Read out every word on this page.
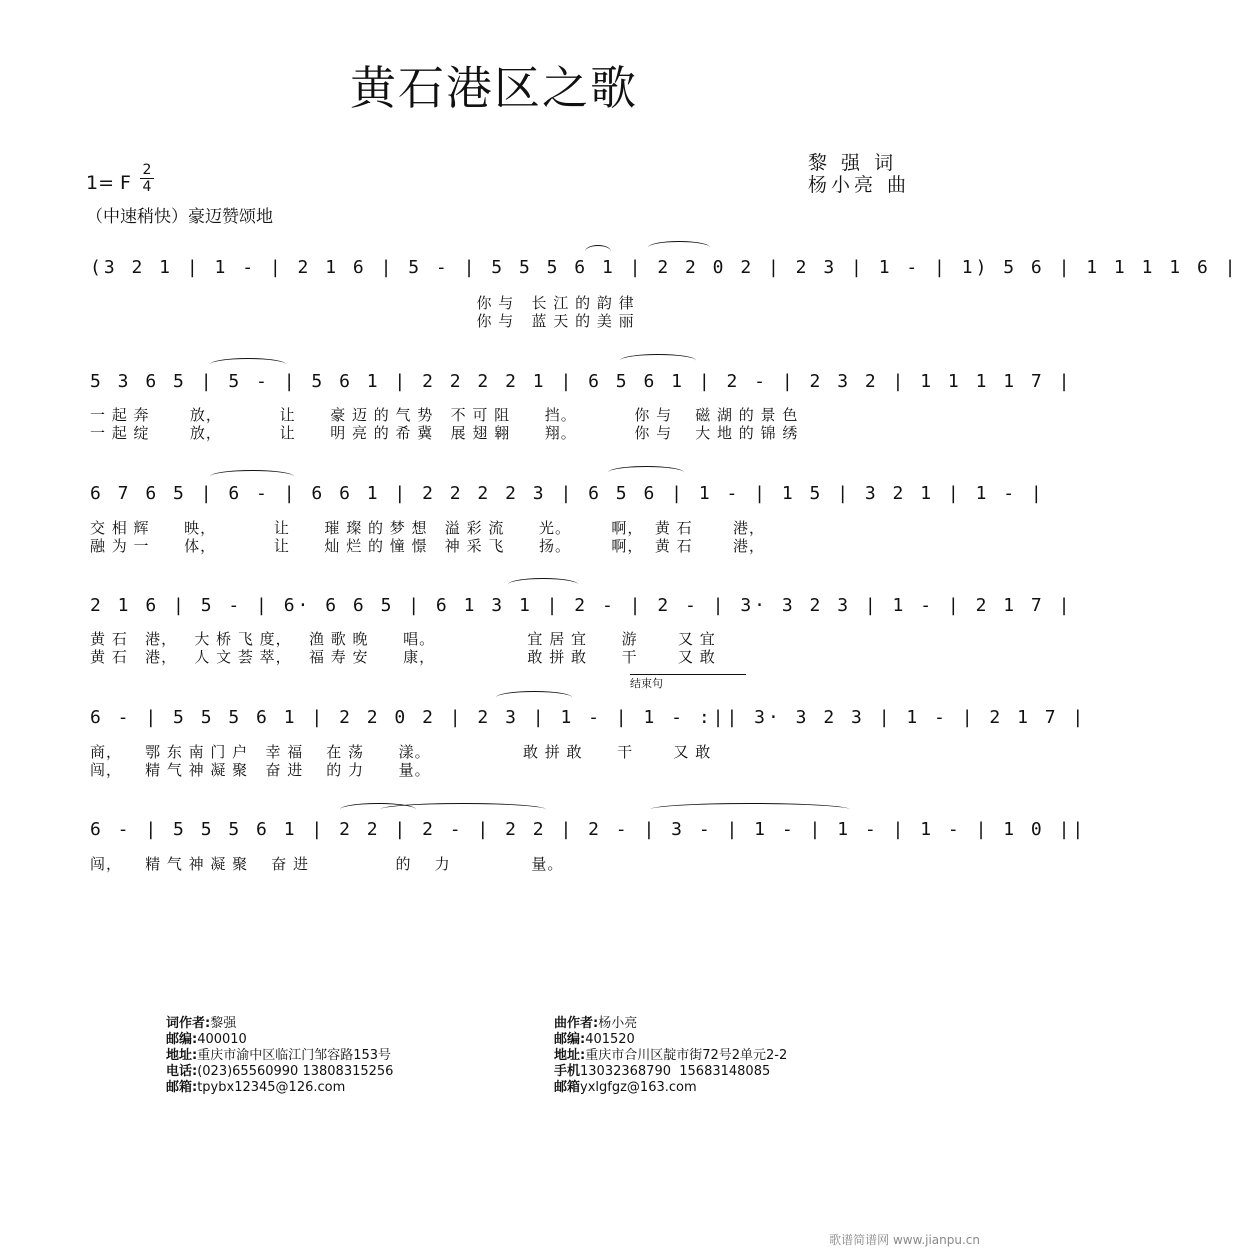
黄石港区之歌
黎 强 词
杨小亮 曲
1= F
2
4
（中速稍快）豪迈赞颂地
(3 2 1 | 1 - | 2 1 6 | 5 - | 5 5 5 6 1 | 2 2 0 2 | 2 3 | 1 - | 1) 5 6 | 1 1 1 1 6 |
你 与   长 江 的 韵 律
你 与   蓝 天 的 美 丽
5 3 6 5 | 5 - | 5 6 1 | 2 2 2 2 1 | 6 5 6 1 | 2 - | 2 3 2 | 1 1 1 1 7 |
一 起 奔       放，          让      豪 迈 的 气 势   不 可 阻      挡。          你 与    磁 湖 的 景 色
一 起 绽       放，          让      明 亮 的 希 冀   展 翅 翱      翔。          你 与    大 地 的 锦 绣
6 7 6 5 | 6 - | 6 6 1 | 2 2 2 2 3 | 6 5 6 | 1 - | 1 5 | 3 2 1 | 1 - |
交 相 辉      映，          让      璀 璨 的 梦 想   溢 彩 流      光。       啊，  黄 石       港，
融 为 一      体，          让      灿 烂 的 憧 憬   神 采 飞      扬。       啊，  黄 石       港，
2 1 6 | 5 - | 6· 6 6 5 | 6 1 3 1 | 2 - | 2 - | 3· 3 2 3 | 1 - | 2 1 7 |
黄 石   港，   大 桥 飞 度，   渔 歌 晚      唱。                宜 居 宜      游       又 宜
黄 石   港，   人 文 荟 萃，   福 寿 安      康，                敢 拼 敢      干       又 敢
结束句
6 - | 5 5 5 6 1 | 2 2 0 2 | 2 3 | 1 - | 1 - :|| 3· 3 2 3 | 1 - | 2 1 7 |
商，    鄂 东 南 门 户   幸 福    在 荡      漾。                敢 拼 敢      干       又 敢
闯，    精 气 神 凝 聚   奋 进    的 力      量。
6 - | 5 5 5 6 1 | 2 2 | 2 - | 2 2 | 2 - | 3 - | 1 - | 1 - | 1 - | 1 0 ||
闯，    精 气 神 凝 聚    奋 进               的    力              量。
词作者:黎强
邮编:400010
地址:重庆市渝中区临江门邹容路153号
电话:(023)65560990 13808315256
邮箱:tpybx12345@126.com
曲作者:杨小亮
邮编:401520
地址:重庆市合川区靛市街72号2单元2-2
手机13032368790  15683148085
邮箱yxlgfgz@163.com
歌谱简谱网 www.jianpu.cn
